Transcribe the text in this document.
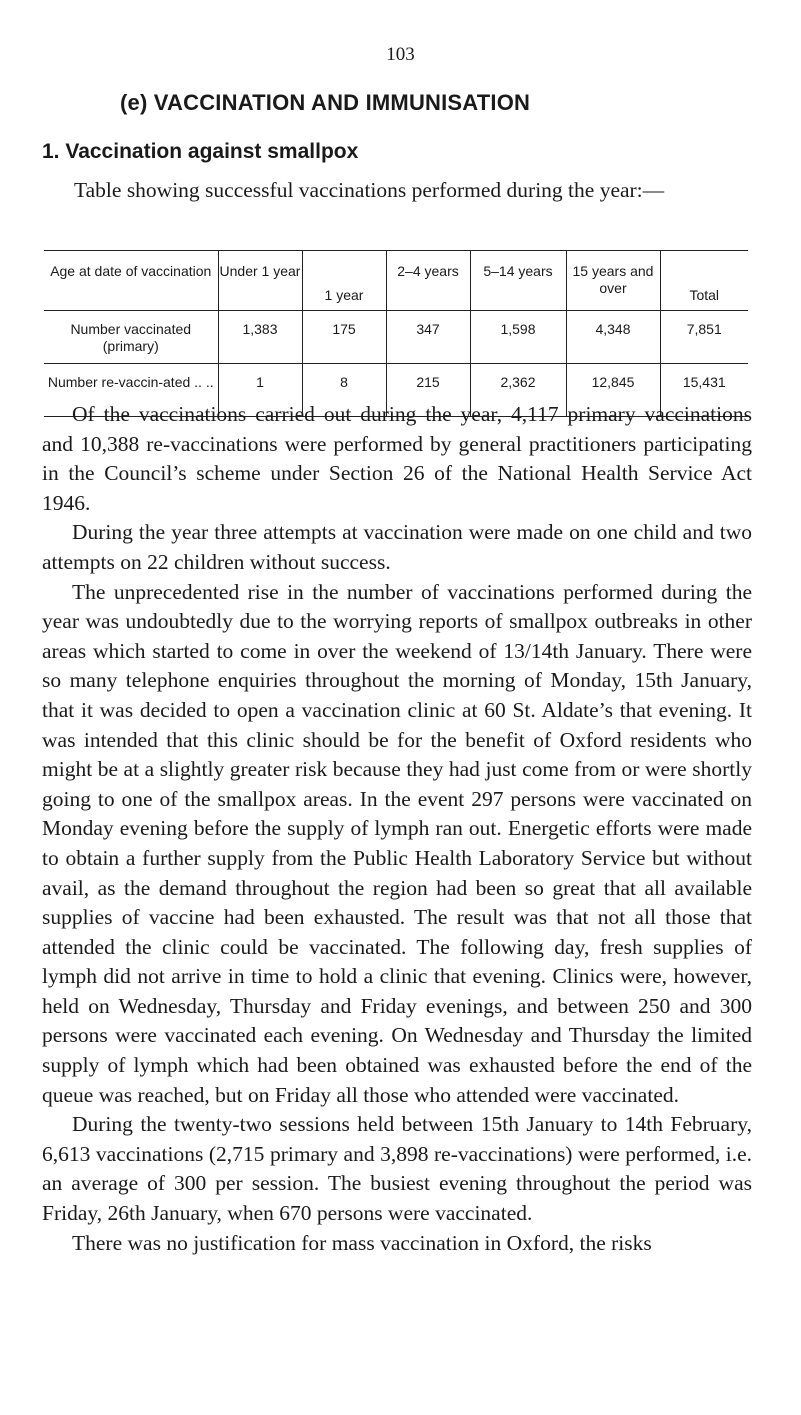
103
(e) VACCINATION AND IMMUNISATION
1. Vaccination against smallpox
Table showing successful vaccinations performed during the year:—
Age at date of vaccination	Under 1 year	1 year	2–4 years	5–14 years	15 years and over	Total
Number vaccinated (primary)	1,383	175	347	1,598	4,348	7,851
Number re-vaccin-ated .. ..	1	8	215	2,362	12,845	15,431

Of the vaccinations carried out during the year, 4,117 primary vaccinations and 10,388 re-vaccinations were performed by general practitioners participating in the Council’s scheme under Section 26 of the National Health Service Act 1946.

During the year three attempts at vaccination were made on one child and two attempts on 22 children without success.

The unprecedented rise in the number of vaccinations performed during the year was undoubtedly due to the worrying reports of smallpox outbreaks in other areas which started to come in over the weekend of 13/14th January. There were so many telephone enquiries throughout the morning of Monday, 15th January, that it was decided to open a vaccination clinic at 60 St. Aldate’s that evening. It was intended that this clinic should be for the benefit of Oxford residents who might be at a slightly greater risk because they had just come from or were shortly going to one of the smallpox areas. In the event 297 persons were vaccinated on Monday evening before the supply of lymph ran out. Energetic efforts were made to obtain a further supply from the Public Health Laboratory Service but without avail, as the demand throughout the region had been so great that all available supplies of vaccine had been exhausted. The result was that not all those that attended the clinic could be vaccinated. The following day, fresh supplies of lymph did not arrive in time to hold a clinic that evening. Clinics were, however, held on Wednesday, Thursday and Friday evenings, and between 250 and 300 persons were vaccinated each evening. On Wednesday and Thursday the limited supply of lymph which had been obtained was exhausted before the end of the queue was reached, but on Friday all those who attended were vaccinated.

During the twenty-two sessions held between 15th January to 14th February, 6,613 vaccinations (2,715 primary and 3,898 re-vaccinations) were performed, i.e. an average of 300 per session. The busiest evening throughout the period was Friday, 26th January, when 670 persons were vaccinated.

There was no justification for mass vaccination in Oxford, the risks
